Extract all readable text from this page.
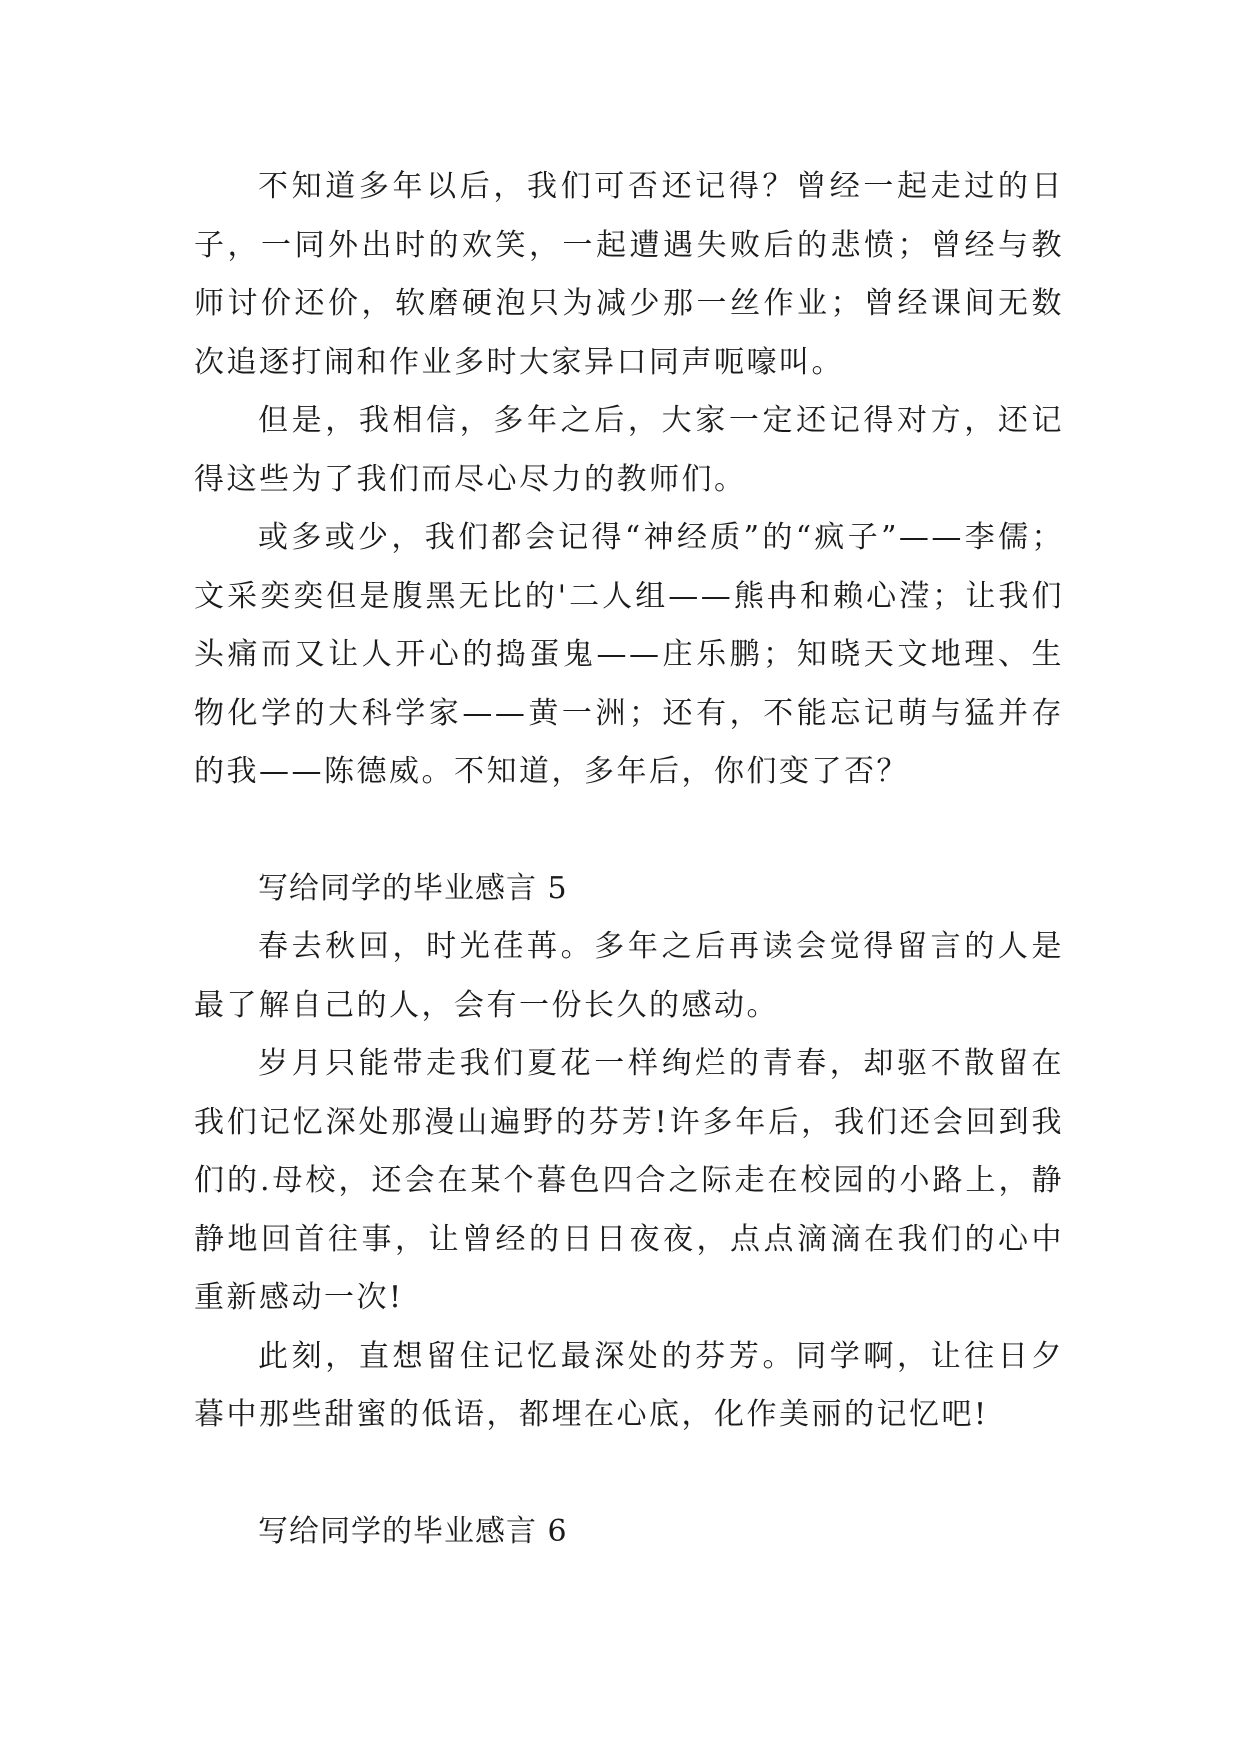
不知道多年以后，我们可否还记得？曾经一起走过的日子，一同外出时的欢笑，一起遭遇失败后的悲愤；曾经与教师讨价还价，软磨硬泡只为减少那一丝作业；曾经课间无数次追逐打闹和作业多时大家异口同声呃嚎叫。

但是，我相信，多年之后，大家一定还记得对方，还记得这些为了我们而尽心尽力的教师们。

或多或少，我们都会记得“神经质”的“疯子”——李儒；文采奕奕但是腹黑无比的'二人组——熊冉和赖心滢；让我们头痛而又让人开心的捣蛋鬼——庄乐鹏；知晓天文地理、生物化学的大科学家——黄一洲；还有，不能忘记萌与猛并存的我——陈德威。不知道，多年后，你们变了否？

写给同学的毕业感言 5

春去秋回，时光荏苒。多年之后再读会觉得留言的人是最了解自己的人，会有一份长久的感动。

岁月只能带走我们夏花一样绚烂的青春，却驱不散留在我们记忆深处那漫山遍野的芬芳!许多年后，我们还会回到我们的.母校，还会在某个暮色四合之际走在校园的小路上，静静地回首往事，让曾经的日日夜夜，点点滴滴在我们的心中重新感动一次!

此刻，直想留住记忆最深处的芬芳。同学啊，让往日夕暮中那些甜蜜的低语，都埋在心底，化作美丽的记忆吧!

写给同学的毕业感言 6
